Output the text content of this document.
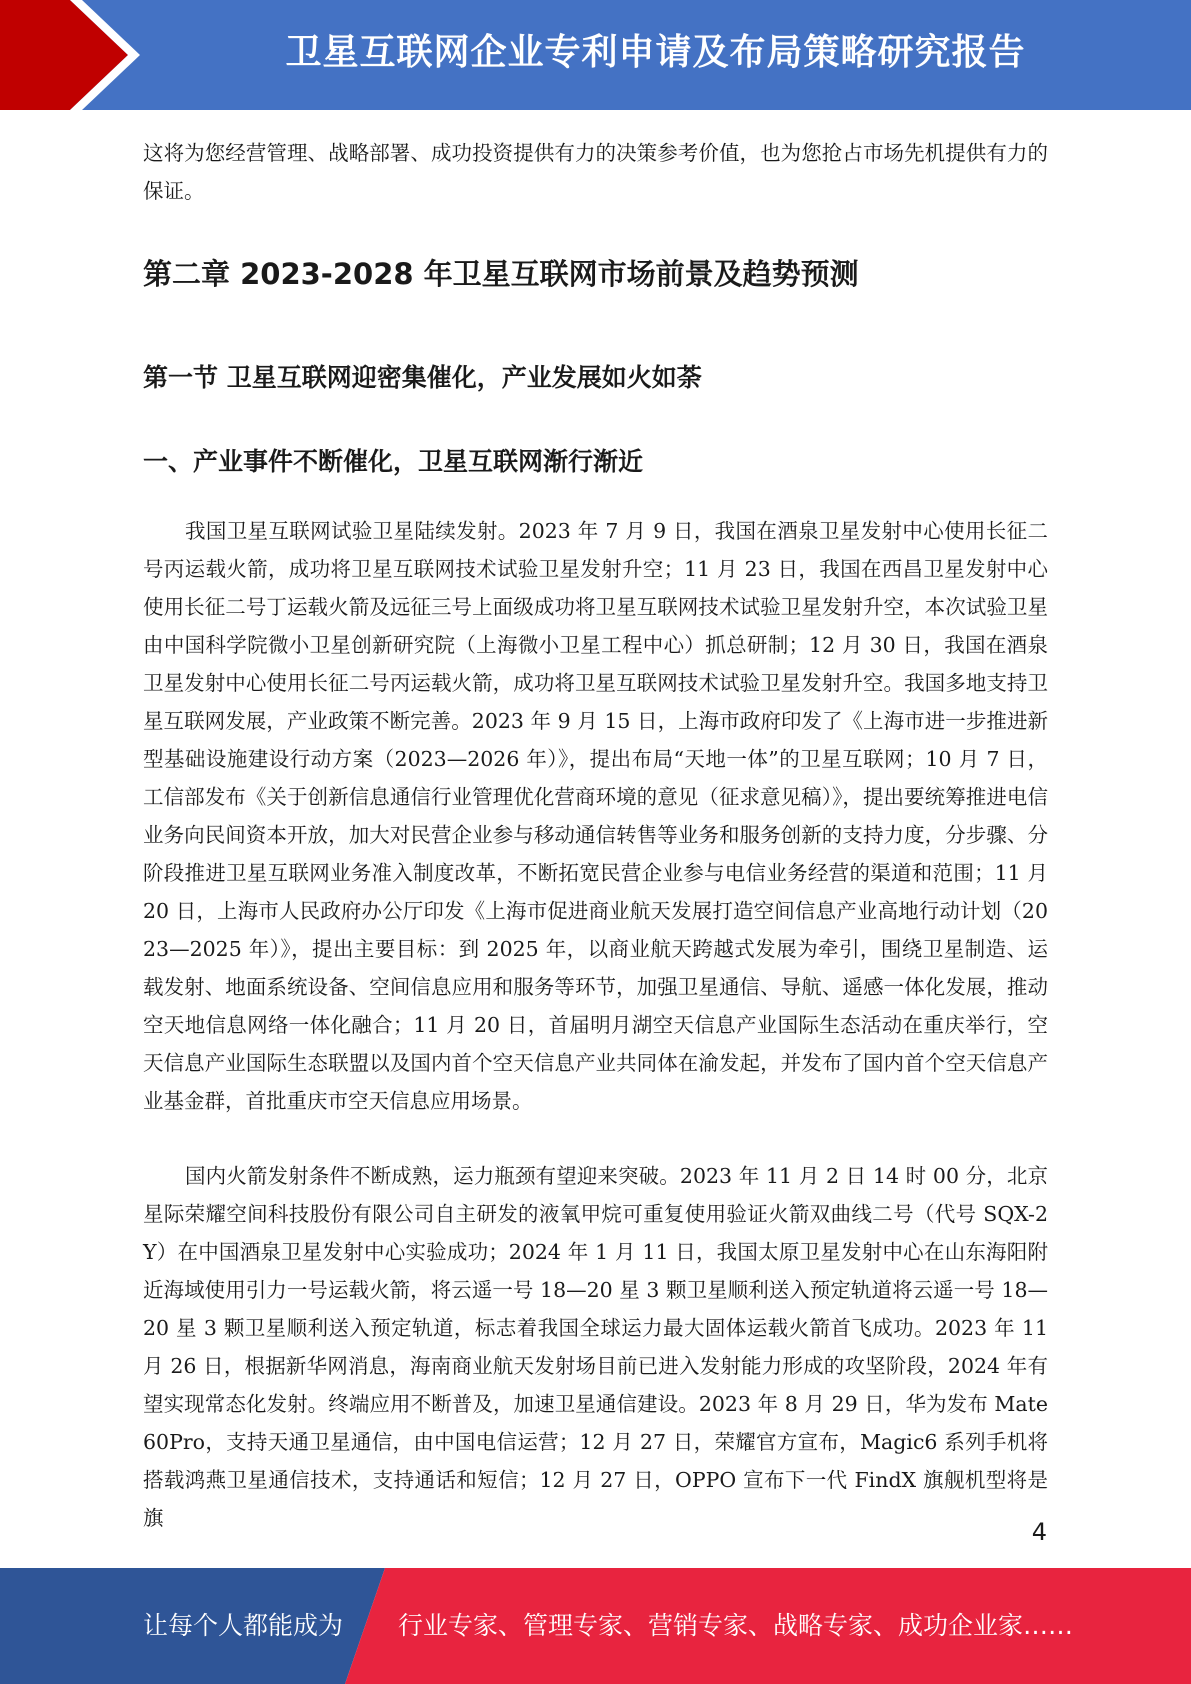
卫星互联网企业专利申请及布局策略研究报告

这将为您经营管理、战略部署、成功投资提供有力的决策参考价值，也为您抢占市场先机提供有力的保证。

第二章 2023-2028 年卫星互联网市场前景及趋势预测
第一节 卫星互联网迎密集催化，产业发展如火如荼
一、产业事件不断催化，卫星互联网渐行渐近

我国卫星互联网试验卫星陆续发射。2023 年 7 月 9 日，我国在酒泉卫星发射中心使用长征二号丙运载火箭，成功将卫星互联网技术试验卫星发射升空；11 月 23 日，我国在西昌卫星发射中心使用长征二号丁运载火箭及远征三号上面级成功将卫星互联网技术试验卫星发射升空，本次试验卫星由中国科学院微小卫星创新研究院（上海微小卫星工程中心）抓总研制；12 月 30 日，我国在酒泉卫星发射中心使用长征二号丙运载火箭，成功将卫星互联网技术试验卫星发射升空。我国多地支持卫星互联网发展，产业政策不断完善。2023 年 9 月 15 日，上海市政府印发了《上海市进一步推进新型基础设施建设行动方案（2023—2026 年）》，提出布局“天地一体”的卫星互联网；10 月 7 日，工信部发布《关于创新信息通信行业管理优化营商环境的意见（征求意见稿）》，提出要统筹推进电信业务向民间资本开放，加大对民营企业参与移动通信转售等业务和服务创新的支持力度，分步骤、分阶段推进卫星互联网业务准入制度改革，不断拓宽民营企业参与电信业务经营的渠道和范围；11 月 20 日，上海市人民政府办公厅印发《上海市促进商业航天发展打造空间信息产业高地行动计划（2023—2025 年）》，提出主要目标：到 2025 年，以商业航天跨越式发展为牵引，围绕卫星制造、运载发射、地面系统设备、空间信息应用和服务等环节，加强卫星通信、导航、遥感一体化发展，推动空天地信息网络一体化融合；11 月 20 日，首届明月湖空天信息产业国际生态活动在重庆举行，空天信息产业国际生态联盟以及国内首个空天信息产业共同体在渝发起，并发布了国内首个空天信息产业基金群，首批重庆市空天信息应用场景。

国内火箭发射条件不断成熟，运力瓶颈有望迎来突破。2023 年 11 月 2 日 14 时 00 分，北京星际荣耀空间科技股份有限公司自主研发的液氧甲烷可重复使用验证火箭双曲线二号（代号 SQX-2Y）在中国酒泉卫星发射中心实验成功；2024 年 1 月 11 日，我国太原卫星发射中心在山东海阳附近海域使用引力一号运载火箭，将云遥一号 18—20 星 3 颗卫星顺利送入预定轨道将云遥一号 18—20 星 3 颗卫星顺利送入预定轨道，标志着我国全球运力最大固体运载火箭首飞成功。2023 年 11 月 26 日，根据新华网消息，海南商业航天发射场目前已进入发射能力形成的攻坚阶段，2024 年有望实现常态化发射。终端应用不断普及，加速卫星通信建设。2023 年 8 月 29 日，华为发布 Mate60Pro，支持天通卫星通信，由中国电信运营；12 月 27 日，荣耀官方宣布，Magic6 系列手机将搭载鸿燕卫星通信技术，支持通话和短信；12 月 27 日，OPPO 宣布下一代 FindX 旗舰机型将是旗	4
让每个人都能成为 行业专家、管理专家、营销专家、战略专家、成功企业家……
